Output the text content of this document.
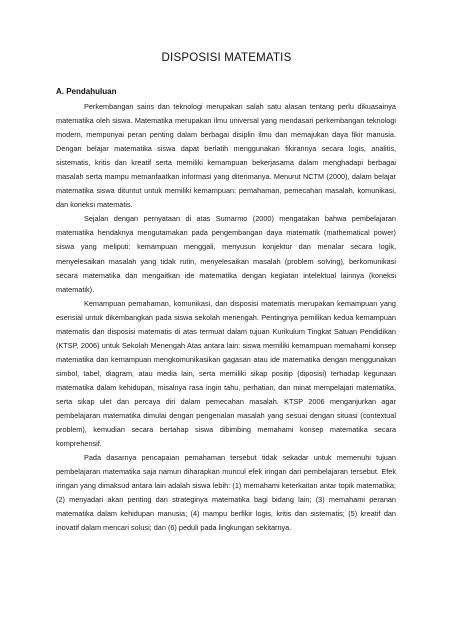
DISPOSISI MATEMATIS
A. Pendahuluan

Perkembangan sains dan teknologi merupakan salah satu alasan tentang perlu dikuasainya matematika oleh siswa. Matematika merupakan ilmu universal yang mendasari perkembangan teknologi modern, mempunyai peran penting dalam berbagai disiplin ilmu dan memajukan daya fikir manusia. Dengan belajar matematika siswa dapat berlatih menggunakan fikirannya secara logis, analitis, sistematis, kritis dan kreatif serta memiliki kemampuan bekerjasama dalam menghadapi berbagai masalah serta mampu memanfaatkan informasi yang diterimanya. Menurut NCTM (2000), dalam belajar matematika siswa dituntut untuk memiliki kemampuan: pemahaman, pemecahan masalah, komunikasi, dan koneksi matematis.

Sejalan dengan pernyataan di atas Sumarmo (2000) mengatakan bahwa pembelajaran matematika hendaknya mengutamakan pada pengembangan daya matematik (mathematical power) siswa yang meliputi: kemampuan menggali, menyusun konjektur dan menalar secara logik, menyelesaikan masalah yang tidak rutin, menyelesaikan masalah (problem solving), berkomunikasi secara matematika dan mengaitkan ide matematika dengan kegiatan intelektual lainnya (koneksi matematik).

Kemampuan pemahaman, komunikasi, dan disposisi matematis merupakan kemampuan yang esensial untuk dikembangkan pada siswa sekolah menengah. Pentingnya pemilikan kedua kemampuan matematis dan disposisi matematis di atas termuat dalam tujuan Kurikulum Tingkat Satuan Pendidikan (KTSP, 2006) untuk Sekolah Menengah Atas antara lain: siswa memiliki kemampuan memahami konsep matematika dan kemampuan mengkomunikasikan gagasan atau ide matematika dengan menggunakan simbol, tabel, diagram, atau media lain, serta memiliki sikap positip (diposisi) terhadap kegunaan matematika dalam kehidupan, misalnya rasa ingin tahu, perhatian, dan minat mempelajari matematika, serta sikap ulet dan percaya diri dalam pemecahan masalah. KTSP 2006 menganjurkan agar pembelajaran matematika dimulai dengan pengenalan masalah yang sesuai dengan situasi (contextual problem), kemudian secara bertahap siswa dibimbing memahami konsep matematika secara komprehensif.

Pada dasarnya pencapaian pemahaman tersebut tidak sekadar untuk memenuhi tujuan pembelajaran matematika saja namun diharapkan muncul efek iringan dari pembelajaran tersebut. Efek iringan yang dimaksud antara lain adalah siswa lebih: (1) memahami keterkaitan antar topik matematika; (2) menyadari akan penting dan strateginya matematika bagi bidang lain; (3) memahami peranan matematika dalam kehidupan manusia; (4) mampu berfikir logis, kritis dan sistematis; (5) kreatif dan inovatif dalam mencari solusi; dan (6) peduli pada lingkungan sekitarnya.
